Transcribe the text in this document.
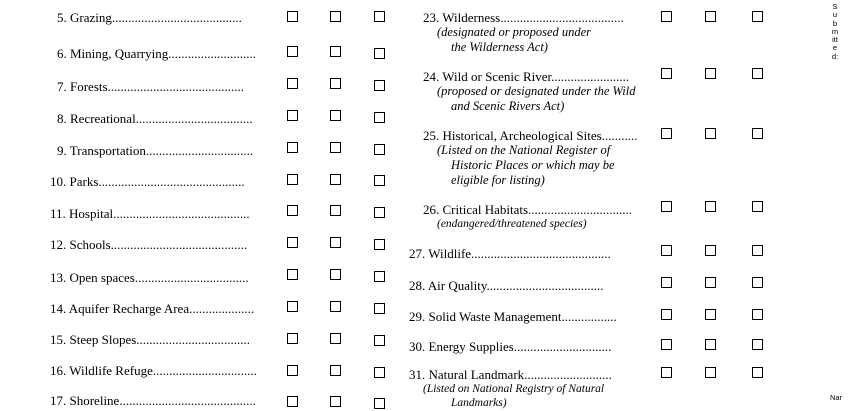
5. Grazing........................................
6. Mining, Quarrying...........................
7. Forests..........................................
8. Recreational....................................
9. Transportation.................................
10. Parks.............................................
11. Hospital..........................................
12. Schools..........................................
13. Open spaces...................................
14. Aquifer Recharge Area....................
15. Steep Slopes...................................
16. Wildlife Refuge................................
17. Shoreline..........................................
23. Wilderness......................................
(designated or proposed under
the Wilderness Act)
24. Wild or Scenic River........................
(proposed or designated under the Wild
and Scenic Rivers Act)
25. Historical, Archeological Sites...........
(Listed on the National Register of
Historic Places or which may be
eligible for listing)
26. Critical Habitats................................
(endangered/threatened species)
27. Wildlife...........................................
28. Air Quality....................................
29. Solid Waste Management.................
30. Energy Supplies..............................
31. Natural Landmark...........................
(Listed on National Registry of Natural
Landmarks)
S
u
b
m
itt
e
d:
Nar
